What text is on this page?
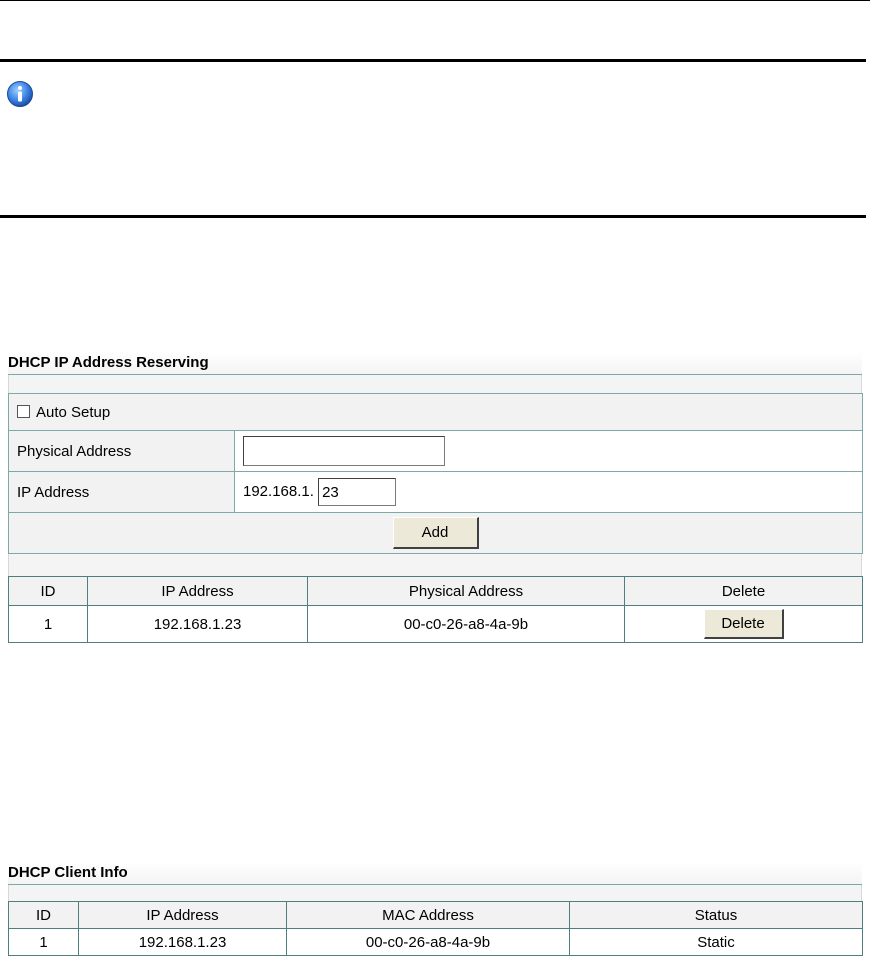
DHCP IP Address Reserving
Auto Setup	
Physical Address	
IP Address	192.168.1. 23
Add	
ID	IP Address	Physical Address	Delete
1	192.168.1.23	00-c0-26-a8-4a-9b	Delete
DHCP Client Info
ID	IP Address	MAC Address	Status
1	192.168.1.23	00-c0-26-a8-4a-9b	Static
